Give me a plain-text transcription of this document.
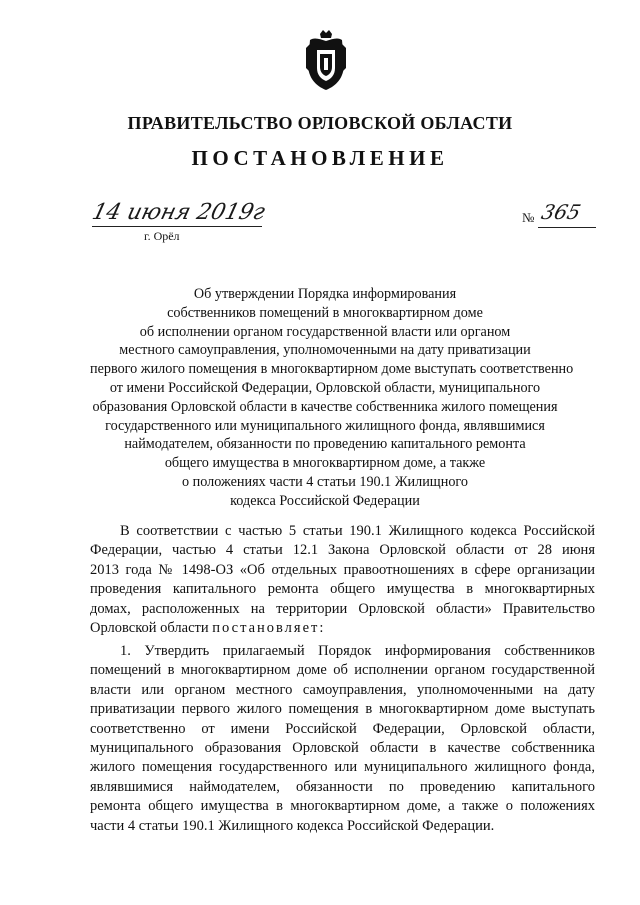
ПРАВИТЕЛЬСТВО ОРЛОВСКОЙ ОБЛАСТИ
ПОСТАНОВЛЕНИЕ
14 июня 2019г
г. Орёл
№ 365
Об утверждении Порядка информирования
собственников помещений в многоквартирном доме
об исполнении органом государственной власти или органом
местного самоуправления, уполномоченными на дату приватизации
первого жилого помещения в многоквартирном доме выступать соответственно
от имени Российской Федерации, Орловской области, муниципального
образования Орловской области в качестве собственника жилого помещения
государственного или муниципального жилищного фонда, являвшимися
наймодателем, обязанности по проведению капитального ремонта
общего имущества в многоквартирном доме, а также
о положениях части 4 статьи 190.1 Жилищного
кодекса Российской Федерации
В соответствии с частью 5 статьи 190.1 Жилищного кодекса Российской
Федерации, частью 4 статьи 12.1 Закона Орловской области от 28 июня
2013 года № 1498-ОЗ «Об отдельных правоотношениях в сфере организации
проведения капитального ремонта общего имущества в многоквартирных
домах, расположенных на территории Орловской области» Правительство
Орловской области постановляет:
1. Утвердить прилагаемый Порядок информирования собственников
помещений в многоквартирном доме об исполнении органом государственной
власти или органом местного самоуправления, уполномоченными на дату
приватизации первого жилого помещения в многоквартирном доме выступать
соответственно от имени Российской Федерации, Орловской области,
муниципального образования Орловской области в качестве собственника
жилого помещения государственного или муниципального жилищного фонда,
являвшимися наймодателем, обязанности по проведению капитального
ремонта общего имущества в многоквартирном доме, а также о положениях
части 4 статьи 190.1 Жилищного кодекса Российской Федерации.
